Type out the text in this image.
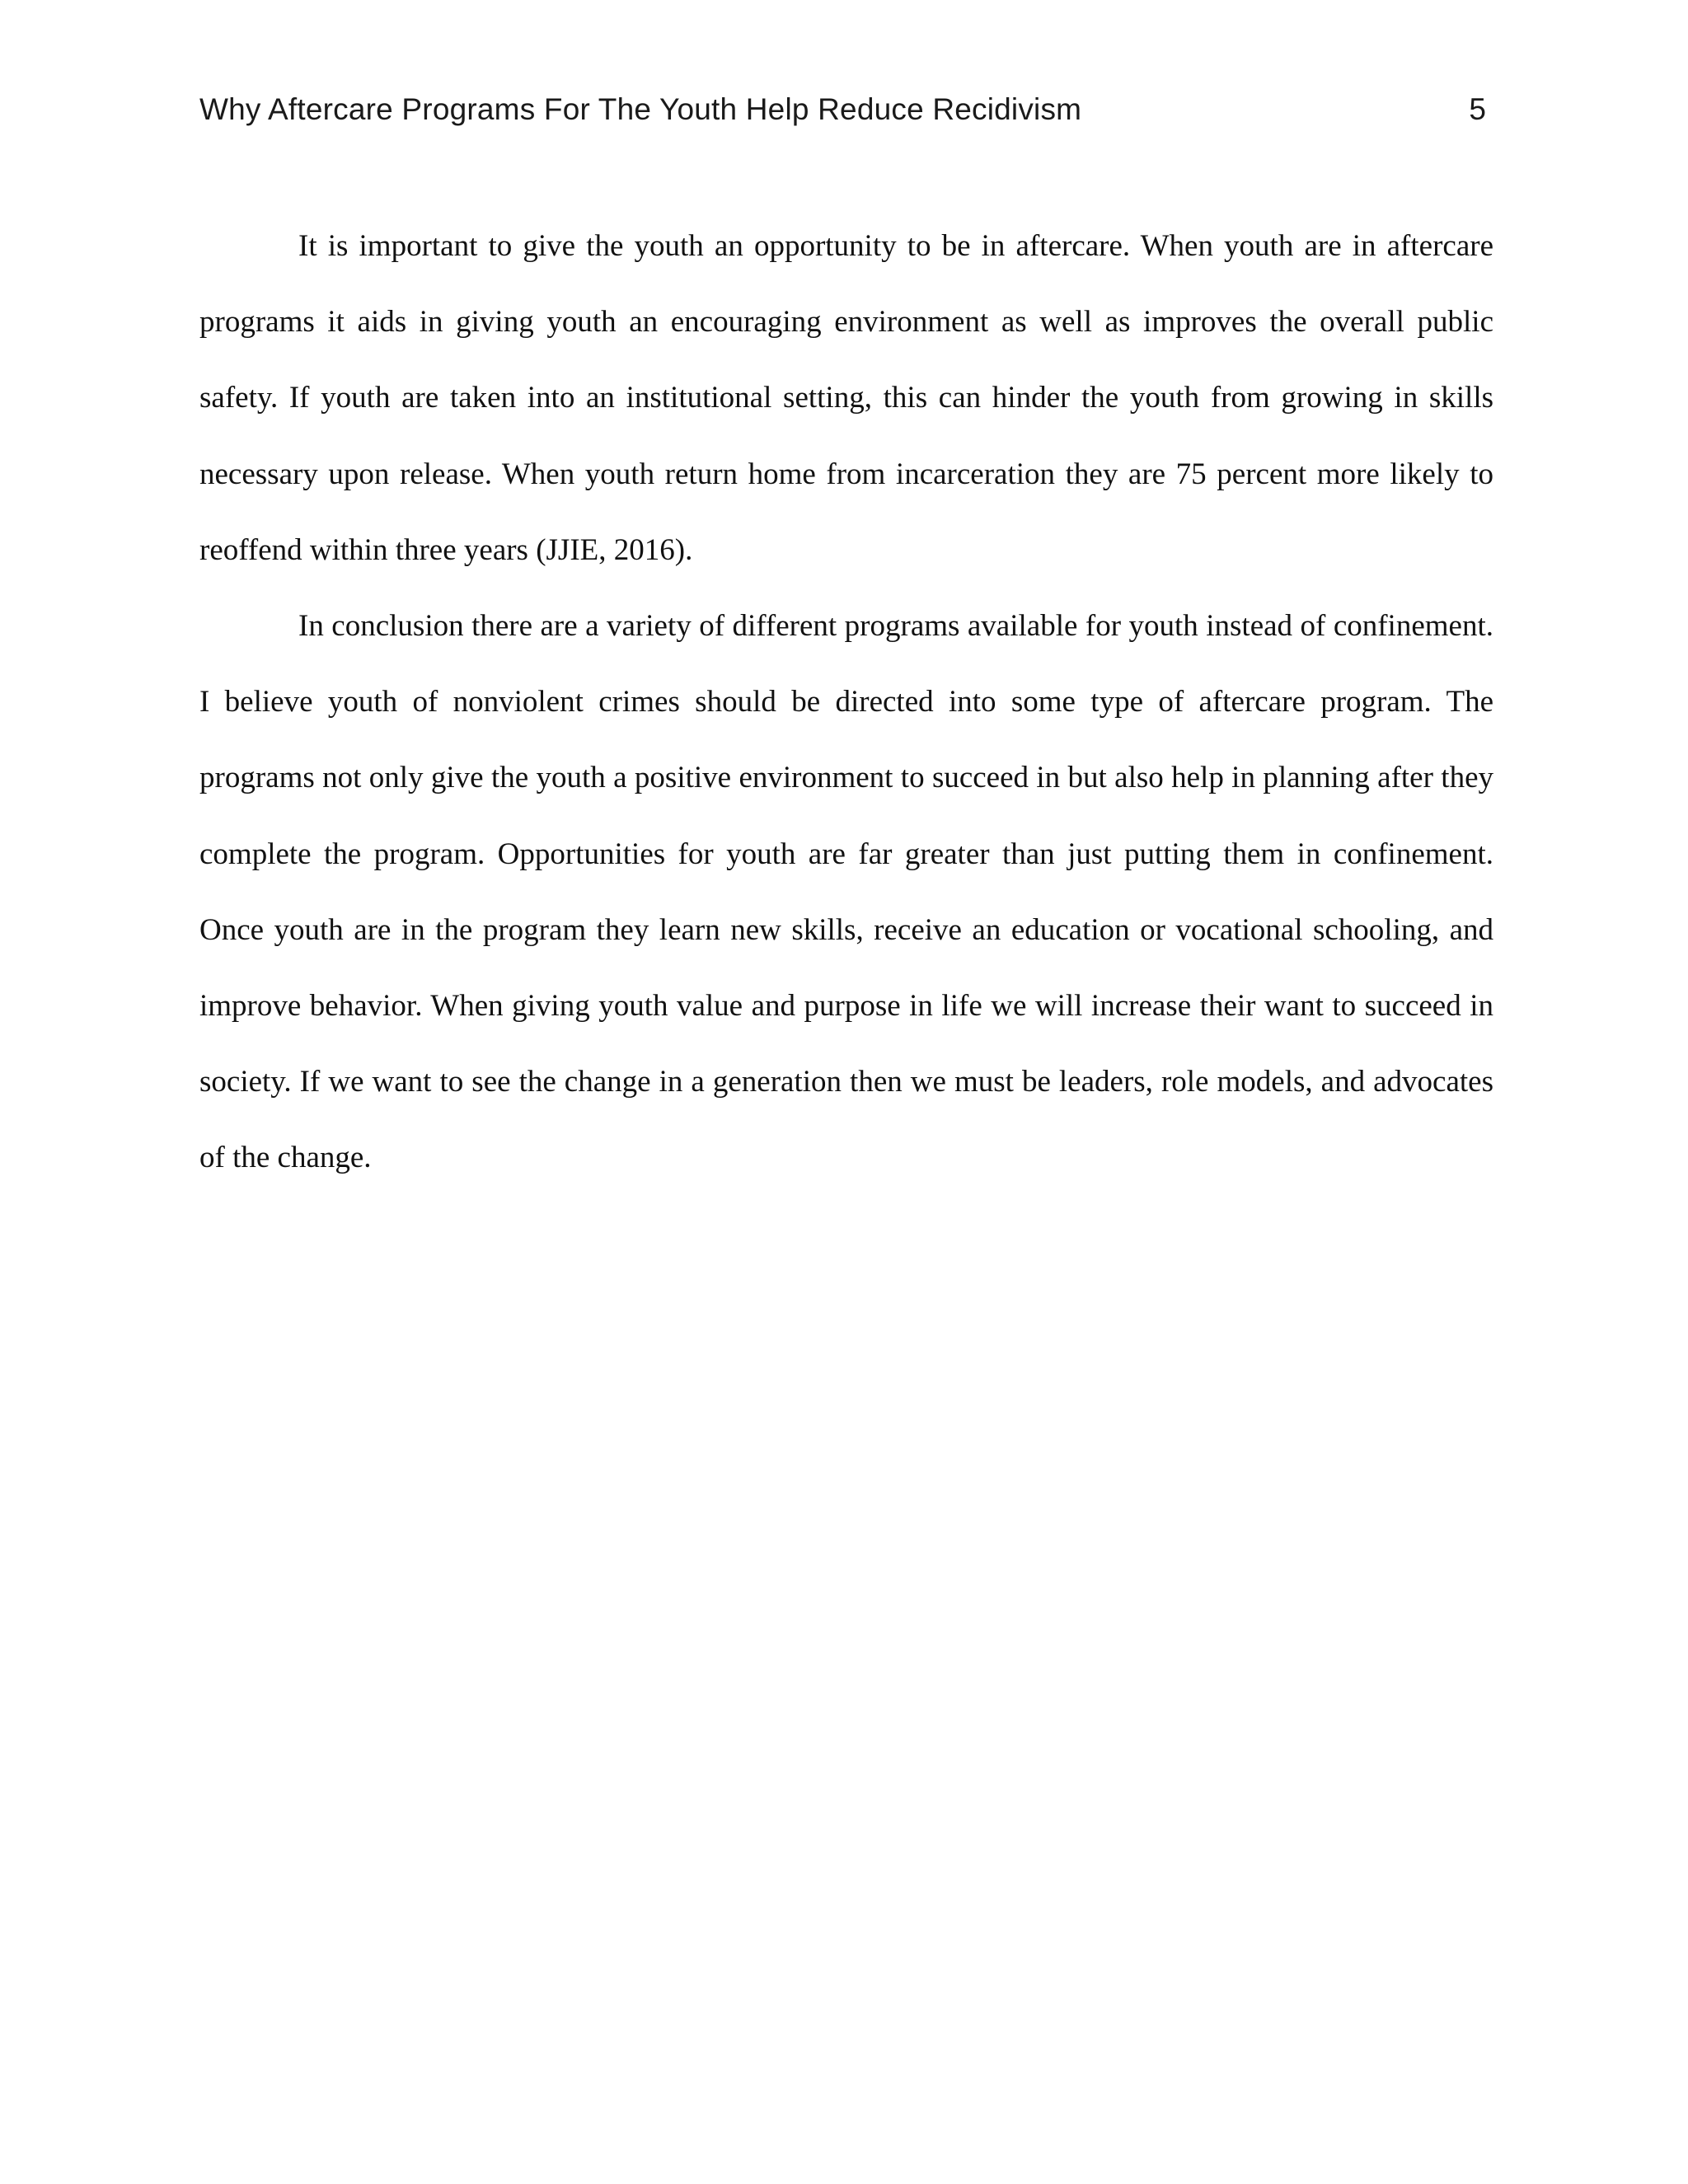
Why Aftercare Programs For The Youth Help Reduce Recidivism	5

It is important to give the youth an opportunity to be in aftercare. When youth are in aftercare programs it aids in giving youth an encouraging environment as well as improves the overall public safety. If youth are taken into an institutional setting, this can hinder the youth from growing in skills necessary upon release. When youth return home from incarceration they are 75 percent more likely to reoffend within three years (JJIE, 2016).

In conclusion there are a variety of different programs available for youth instead of confinement. I believe youth of nonviolent crimes should be directed into some type of aftercare program. The programs not only give the youth a positive environment to succeed in but also help in planning after they complete the program. Opportunities for youth are far greater than just putting them in confinement. Once youth are in the program they learn new skills, receive an education or vocational schooling, and improve behavior. When giving youth value and purpose in life we will increase their want to succeed in society. If we want to see the change in a generation then we must be leaders, role models, and advocates of the change.
